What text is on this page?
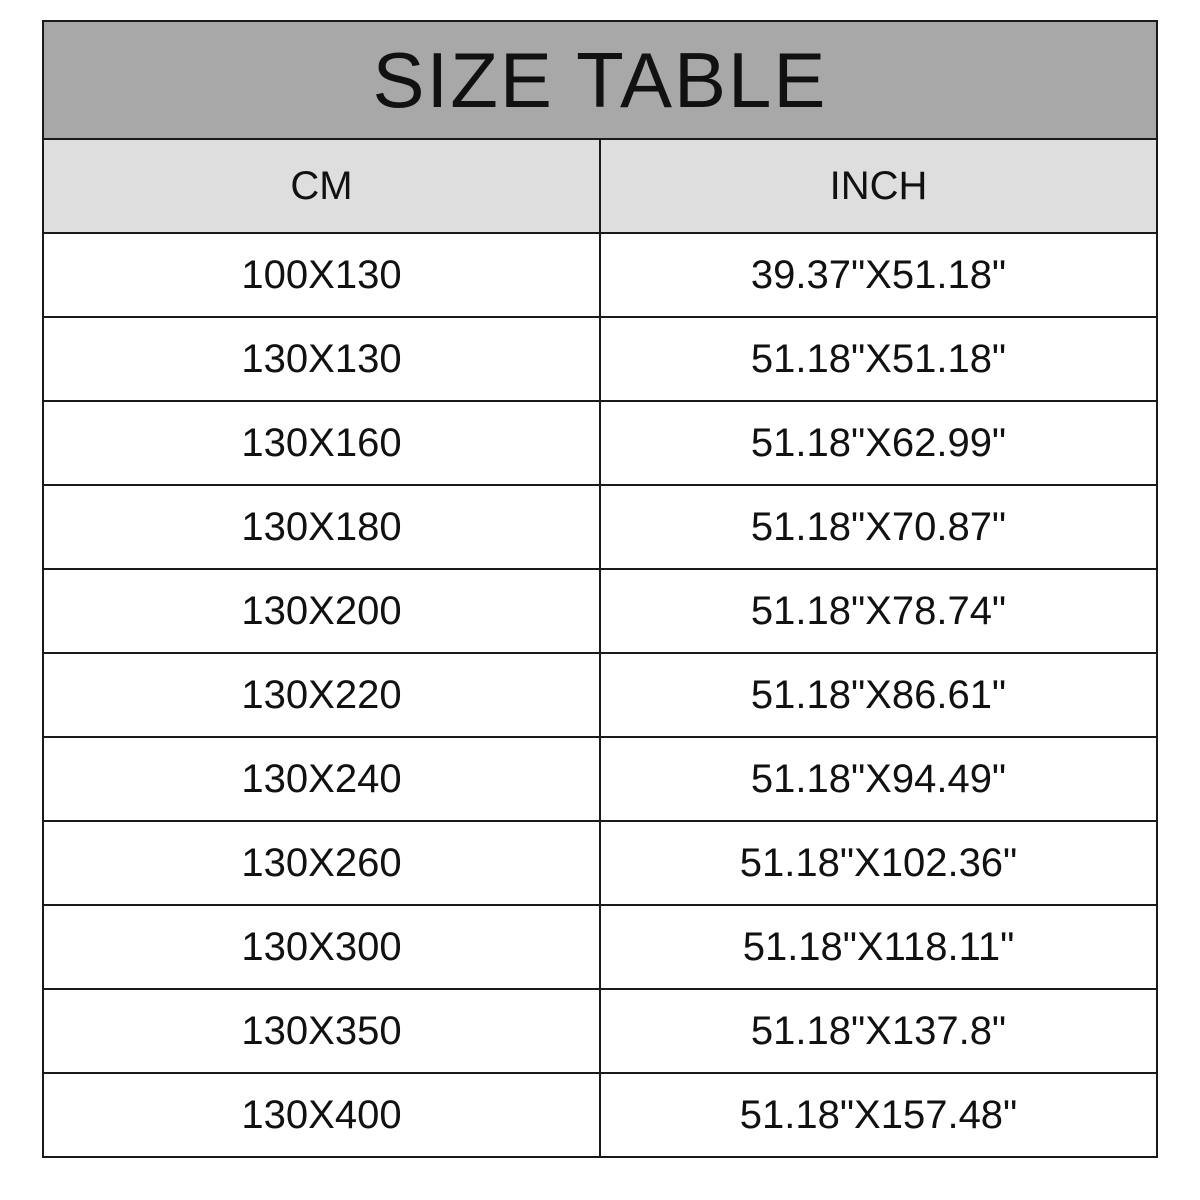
SIZE TABLE	
CM	INCH
100X130	39.37"X51.18"
130X130	51.18"X51.18"
130X160	51.18"X62.99"
130X180	51.18"X70.87"
130X200	51.18"X78.74"
130X220	51.18"X86.61"
130X240	51.18"X94.49"
130X260	51.18"X102.36"
130X300	51.18"X118.11"
130X350	51.18"X137.8"
130X400	51.18"X157.48"
